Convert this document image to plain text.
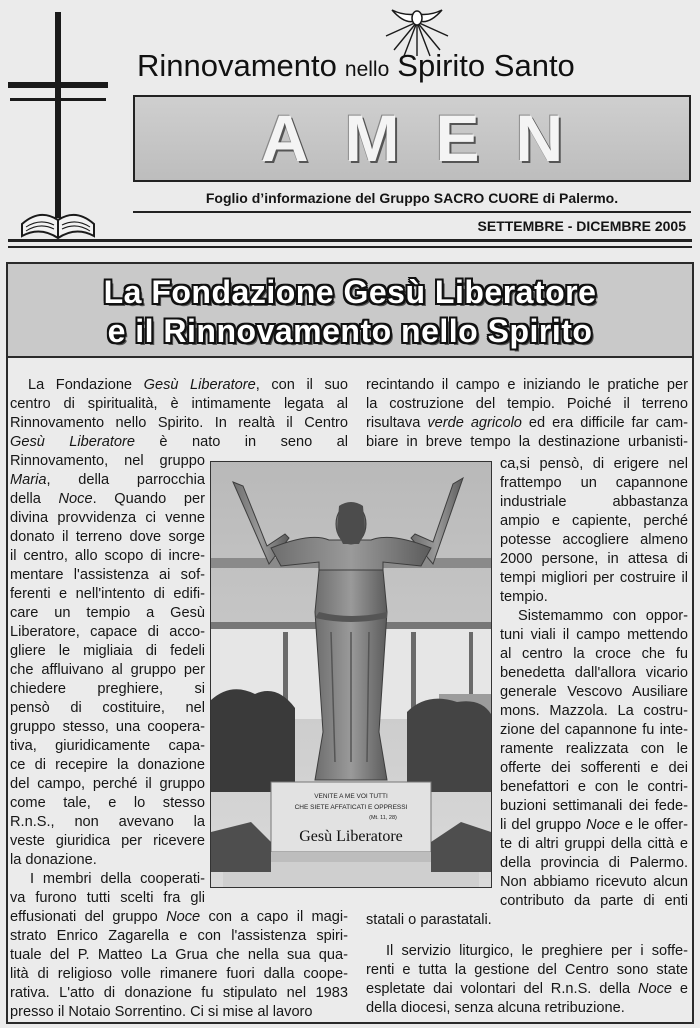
Rinnovamento nello Spirito Santo
AMEN
Foglio d’informazione del Gruppo SACRO CUORE di Palermo.
SETTEMBRE - DICEMBRE 2005
La Fondazione Gesù Liberatore
e il Rinnovamento nello Spirito
VENITE A ME VOI TUTTI
CHE SIETE AFFATICATI E OPPRESSI
(Mt. 11, 28)
Gesù Liberatore
La Fondazione Gesù Liberatore, con il suo
centro di spiritualità, è intimamente legata al
Rinnovamento nello Spirito. In realtà il Centro
Gesù Liberatore è nato in seno al
Rinnovamento, nel gruppo
Maria, della parrocchia
della Noce. Quando per
divina provvidenza ci venne
donato il terreno dove sorge
il centro, allo scopo di incre-
mentare l'assistenza ai sof-
ferenti e nell'intento di edifi-
care un tempio a Gesù
Liberatore, capace di acco-
gliere le migliaia di fedeli
che affluivano al gruppo per
chiedere preghiere, si
pensò di costituire, nel
gruppo stesso, una coopera-
tiva, giuridicamente capa-
ce di recepire la donazione
del campo, perché il gruppo
come tale, e lo stesso
R.n.S., non avevano la
veste giuridica per ricevere
la donazione.
I membri della cooperati-
va furono tutti scelti fra gli
effusionati del gruppo Noce con a capo il magi-
strato Enrico Zagarella e con l'assistenza spiri-
tuale del P. Matteo La Grua che nella sua qua-
lità di religioso volle rimanere fuori dalla coope-
rativa. L'atto di donazione fu stipulato nel 1983
presso il Notaio Sorrentino. Ci si mise al lavoro
recintando il campo e iniziando le pratiche per
la costruzione del tempio. Poiché il terreno
risultava verde agricolo ed era difficile far cam-
biare in breve tempo la destinazione urbanisti-
ca,si pensò, di erigere nel
frattempo un capannone
industriale abbastanza
ampio e capiente, perché
potesse accogliere almeno
2000 persone, in attesa di
tempi migliori per costruire il
tempio.
Sistemammo con oppor-
tuni viali il campo mettendo
al centro la croce che fu
benedetta dall'allora vicario
generale Vescovo Ausiliare
mons. Mazzola. La costru-
zione del capannone fu inte-
ramente realizzata con le
offerte dei sofferenti e dei
benefattori e con le contri-
buzioni settimanali dei fede-
li del gruppo Noce e le offer-
te di altri gruppi della città e
della provincia di Palermo.
Non abbiamo ricevuto alcun
contributo da parte di enti
statali o parastatali.
Il servizio liturgico, le preghiere per i soffe-
renti e tutta la gestione del Centro sono state
espletate dai volontari del R.n.S. della Noce e
della diocesi, senza alcuna retribuzione.
